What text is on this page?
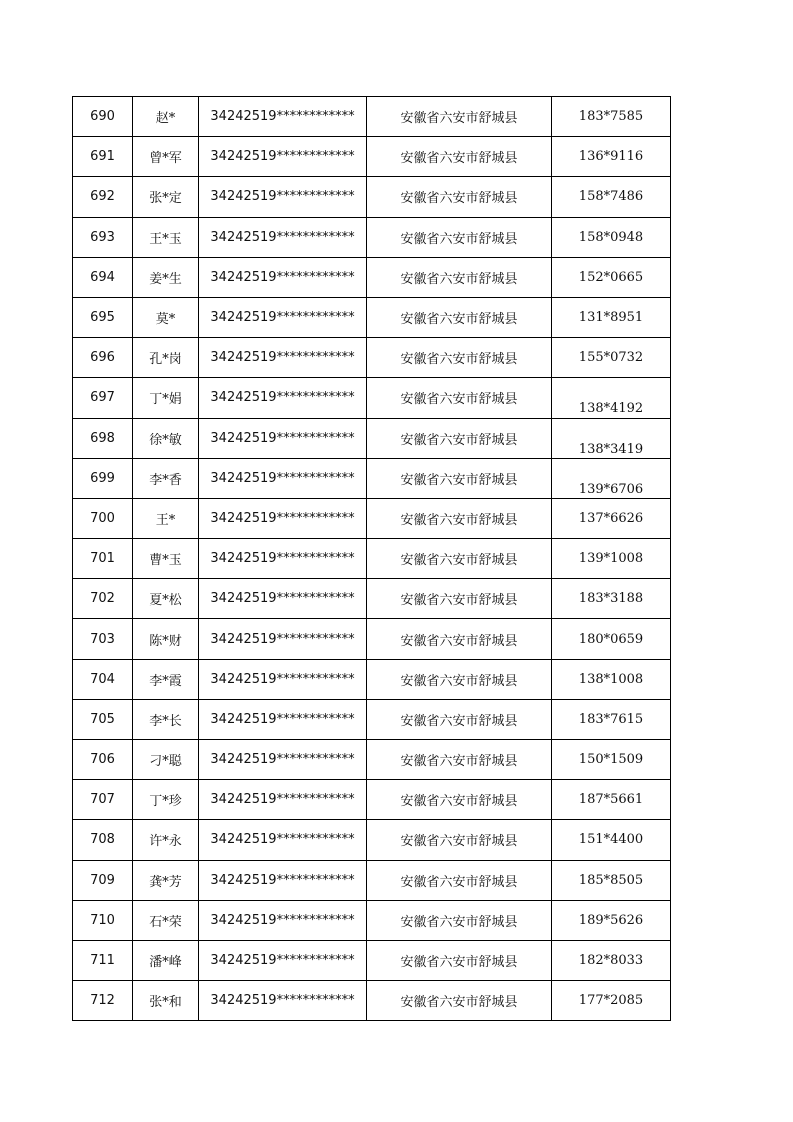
690	赵*	34242519************	安徽省六安市舒城县	183*7585
691	曾*军	34242519************	安徽省六安市舒城县	136*9116
692	张*定	34242519************	安徽省六安市舒城县	158*7486
693	王*玉	34242519************	安徽省六安市舒城县	158*0948
694	姜*生	34242519************	安徽省六安市舒城县	152*0665
695	莫*	34242519************	安徽省六安市舒城县	131*8951
696	孔*岗	34242519************	安徽省六安市舒城县	155*0732
697	丁*娟	34242519************	安徽省六安市舒城县	138*4192
698	徐*敏	34242519************	安徽省六安市舒城县	138*3419
699	李*香	34242519************	安徽省六安市舒城县	139*6706
700	王*	34242519************	安徽省六安市舒城县	137*6626
701	曹*玉	34242519************	安徽省六安市舒城县	139*1008
702	夏*松	34242519************	安徽省六安市舒城县	183*3188
703	陈*财	34242519************	安徽省六安市舒城县	180*0659
704	李*霞	34242519************	安徽省六安市舒城县	138*1008
705	李*长	34242519************	安徽省六安市舒城县	183*7615
706	刁*聪	34242519************	安徽省六安市舒城县	150*1509
707	丁*珍	34242519************	安徽省六安市舒城县	187*5661
708	许*永	34242519************	安徽省六安市舒城县	151*4400
709	龚*芳	34242519************	安徽省六安市舒城县	185*8505
710	石*荣	34242519************	安徽省六安市舒城县	189*5626
711	潘*峰	34242519************	安徽省六安市舒城县	182*8033
712	张*和	34242519************	安徽省六安市舒城县	177*2085
